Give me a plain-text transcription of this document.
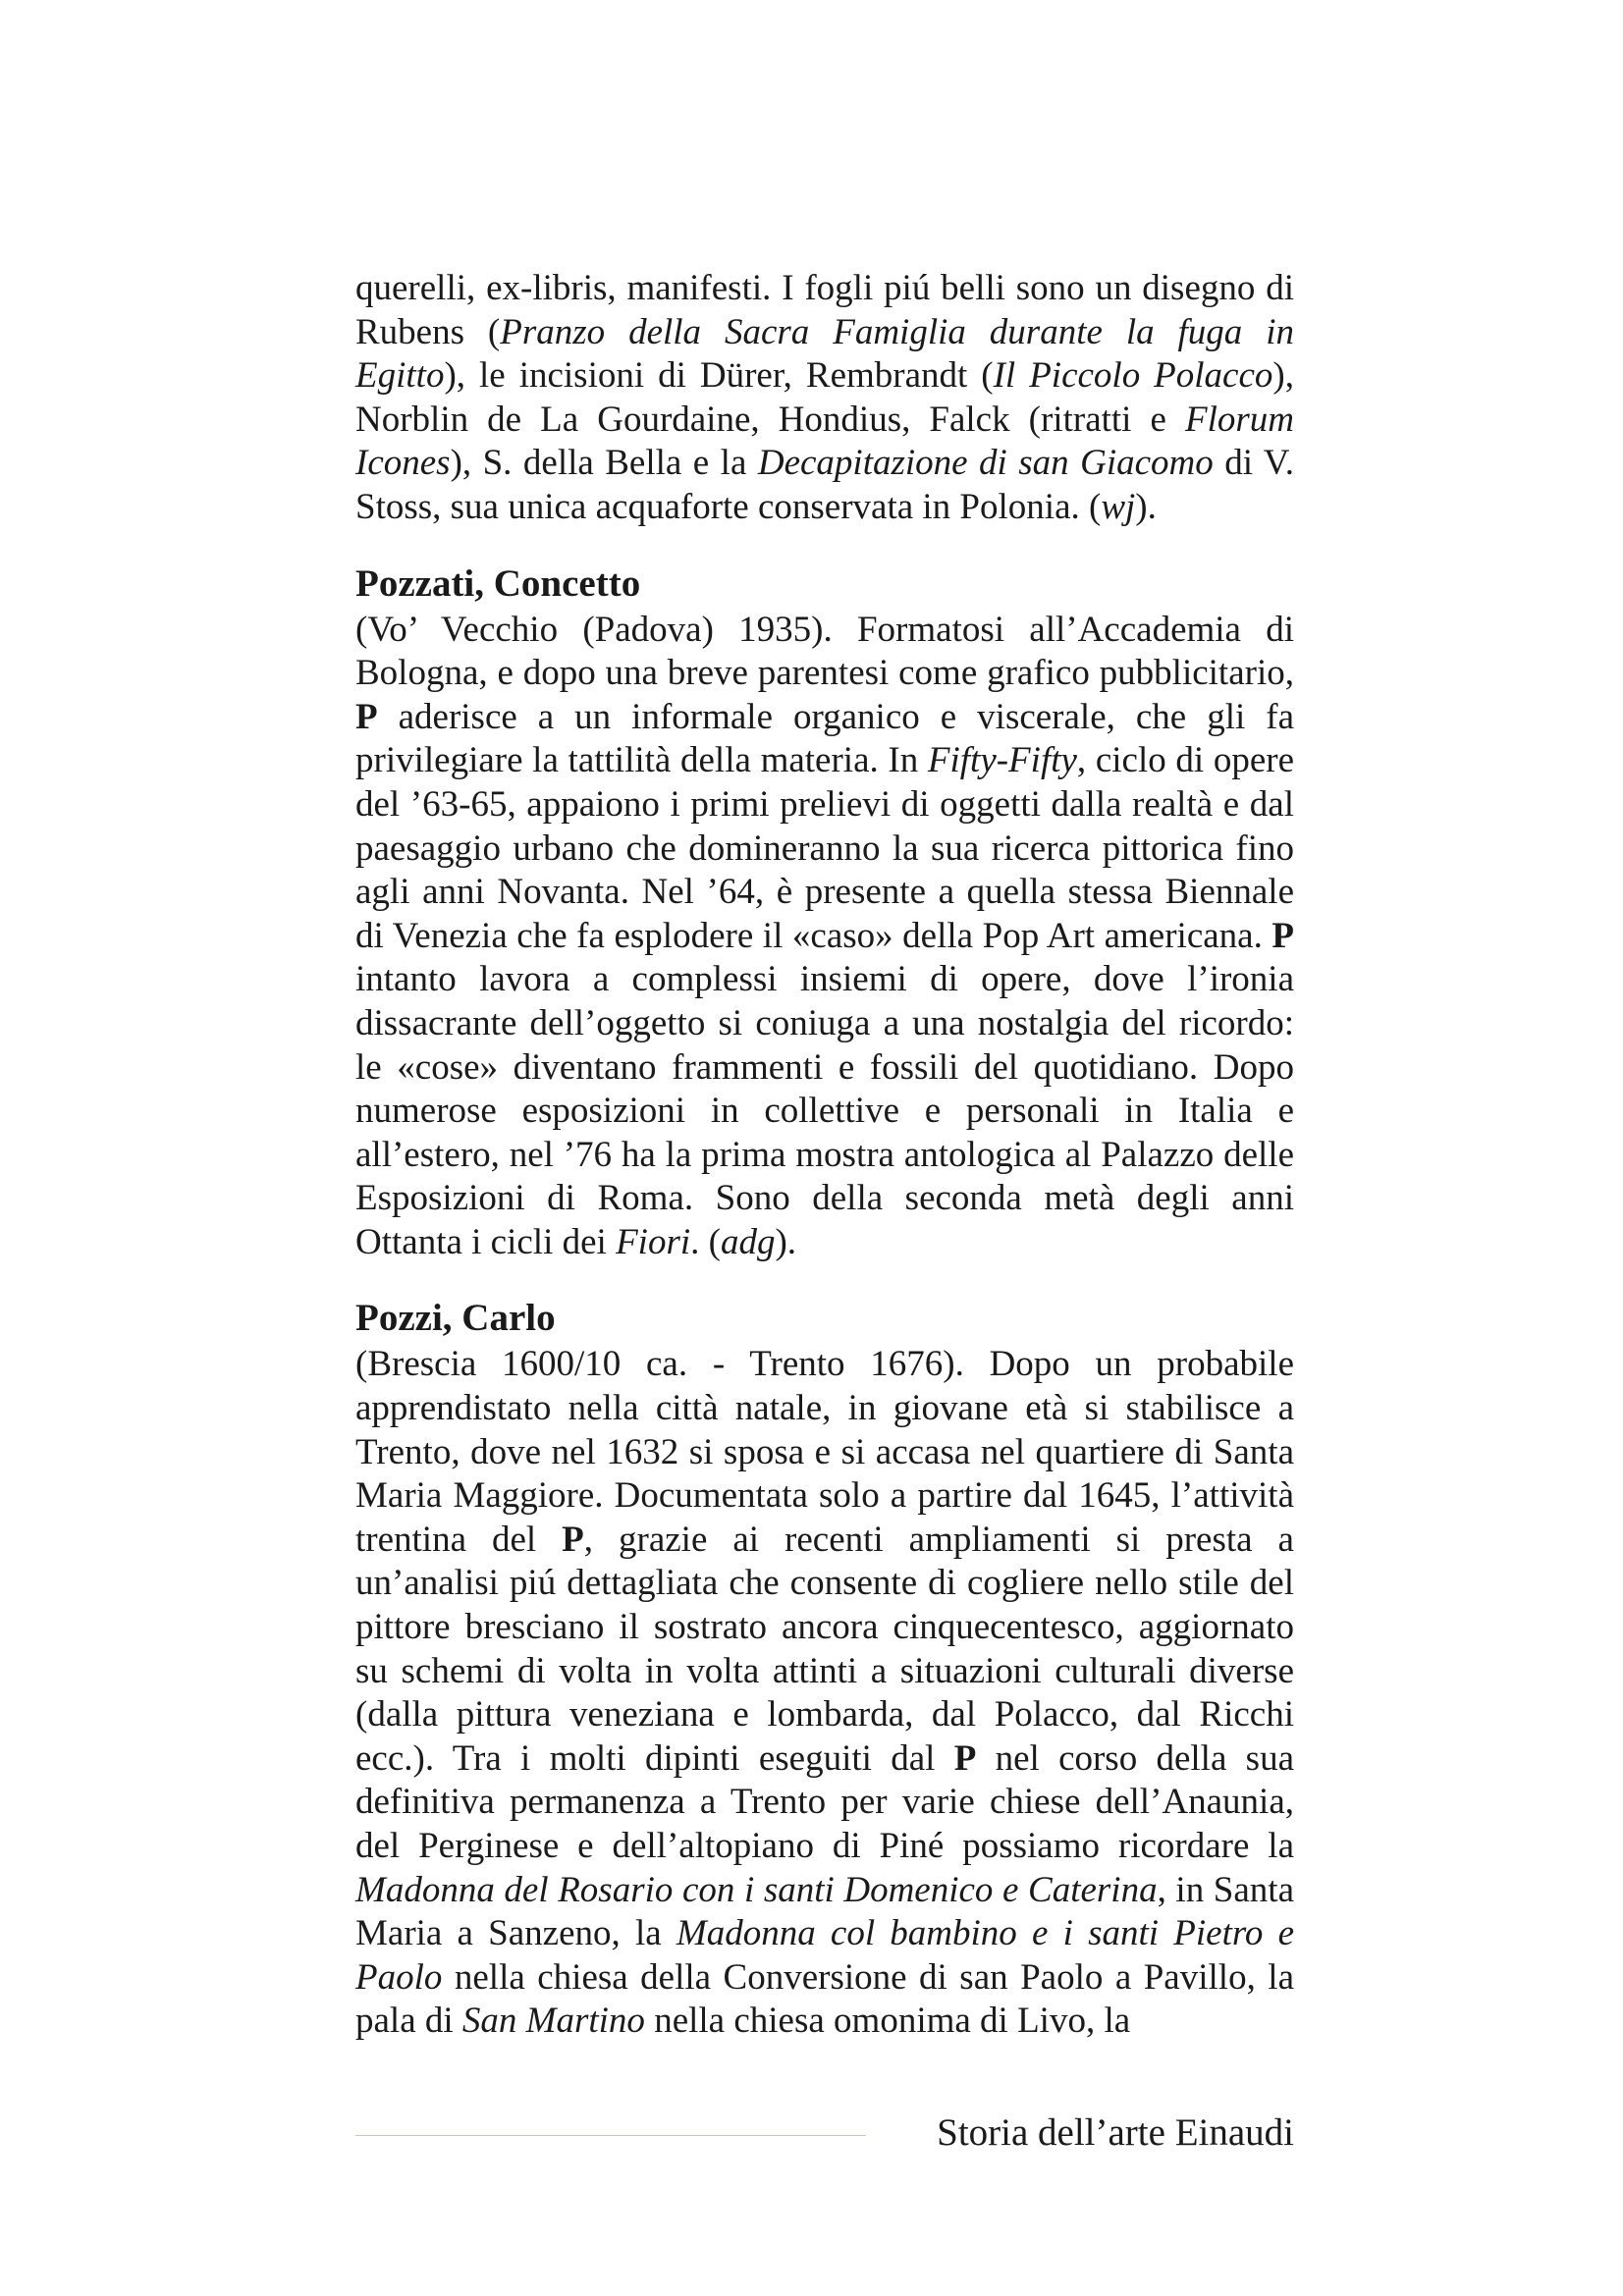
querelli, ex-libris, manifesti. I fogli piú belli sono un disegno di Rubens (Pranzo della Sacra Famiglia durante la fuga in Egitto), le incisioni di Dürer, Rembrandt (Il Piccolo Polacco), Norblin de La Gourdaine, Hondius, Falck (ritratti e Florum Icones), S. della Bella e la Decapitazione di san Giacomo di V. Stoss, sua unica acquaforte conservata in Polonia. (wj).

Pozzati, Concetto

(Vo’ Vecchio (Padova) 1935). Formatosi all’Accademia di Bologna, e dopo una breve parentesi come grafico pubblicitario, P aderisce a un informale organico e viscerale, che gli fa privilegiare la tattilità della materia. In Fifty-Fifty, ciclo di opere del ’63-65, appaiono i primi prelievi di oggetti dalla realtà e dal paesaggio urbano che domineranno la sua ricerca pittorica fino agli anni Novanta. Nel ’64, è presente a quella stessa Biennale di Venezia che fa esplodere il «caso» della Pop Art americana. P intanto lavora a complessi insiemi di opere, dove l’ironia dissacrante dell’oggetto si coniuga a una nostalgia del ricordo: le «cose» diventano frammenti e fossili del quotidiano. Dopo numerose esposizioni in collettive e personali in Italia e all’estero, nel ’76 ha la prima mostra antologica al Palazzo delle Esposizioni di Roma. Sono della seconda metà degli anni Ottanta i cicli dei Fiori. (adg).

Pozzi, Carlo

(Brescia 1600/10 ca. - Trento 1676). Dopo un probabile apprendistato nella città natale, in giovane età si stabilisce a Trento, dove nel 1632 si sposa e si accasa nel quartiere di Santa Maria Maggiore. Documentata solo a partire dal 1645, l’attività trentina del P, grazie ai recenti ampliamenti si presta a un’analisi piú dettagliata che consente di cogliere nello stile del pittore bresciano il sostrato ancora cinquecentesco, aggiornato su schemi di volta in volta attinti a situazioni culturali diverse (dalla pittura veneziana e lombarda, dal Polacco, dal Ricchi ecc.). Tra i molti dipinti eseguiti dal P nel corso della sua definitiva permanenza a Trento per varie chiese dell’Anaunia, del Perginese e dell’altopiano di Piné possiamo ricordare la Madonna del Rosario con i santi Domenico e Caterina, in Santa Maria a Sanzeno, la Madonna col bambino e i santi Pietro e Paolo nella chiesa della Conversione di san Paolo a Pavillo, la pala di San Martino nella chiesa omonima di Livo, la

Storia dell’arte Einaudi
